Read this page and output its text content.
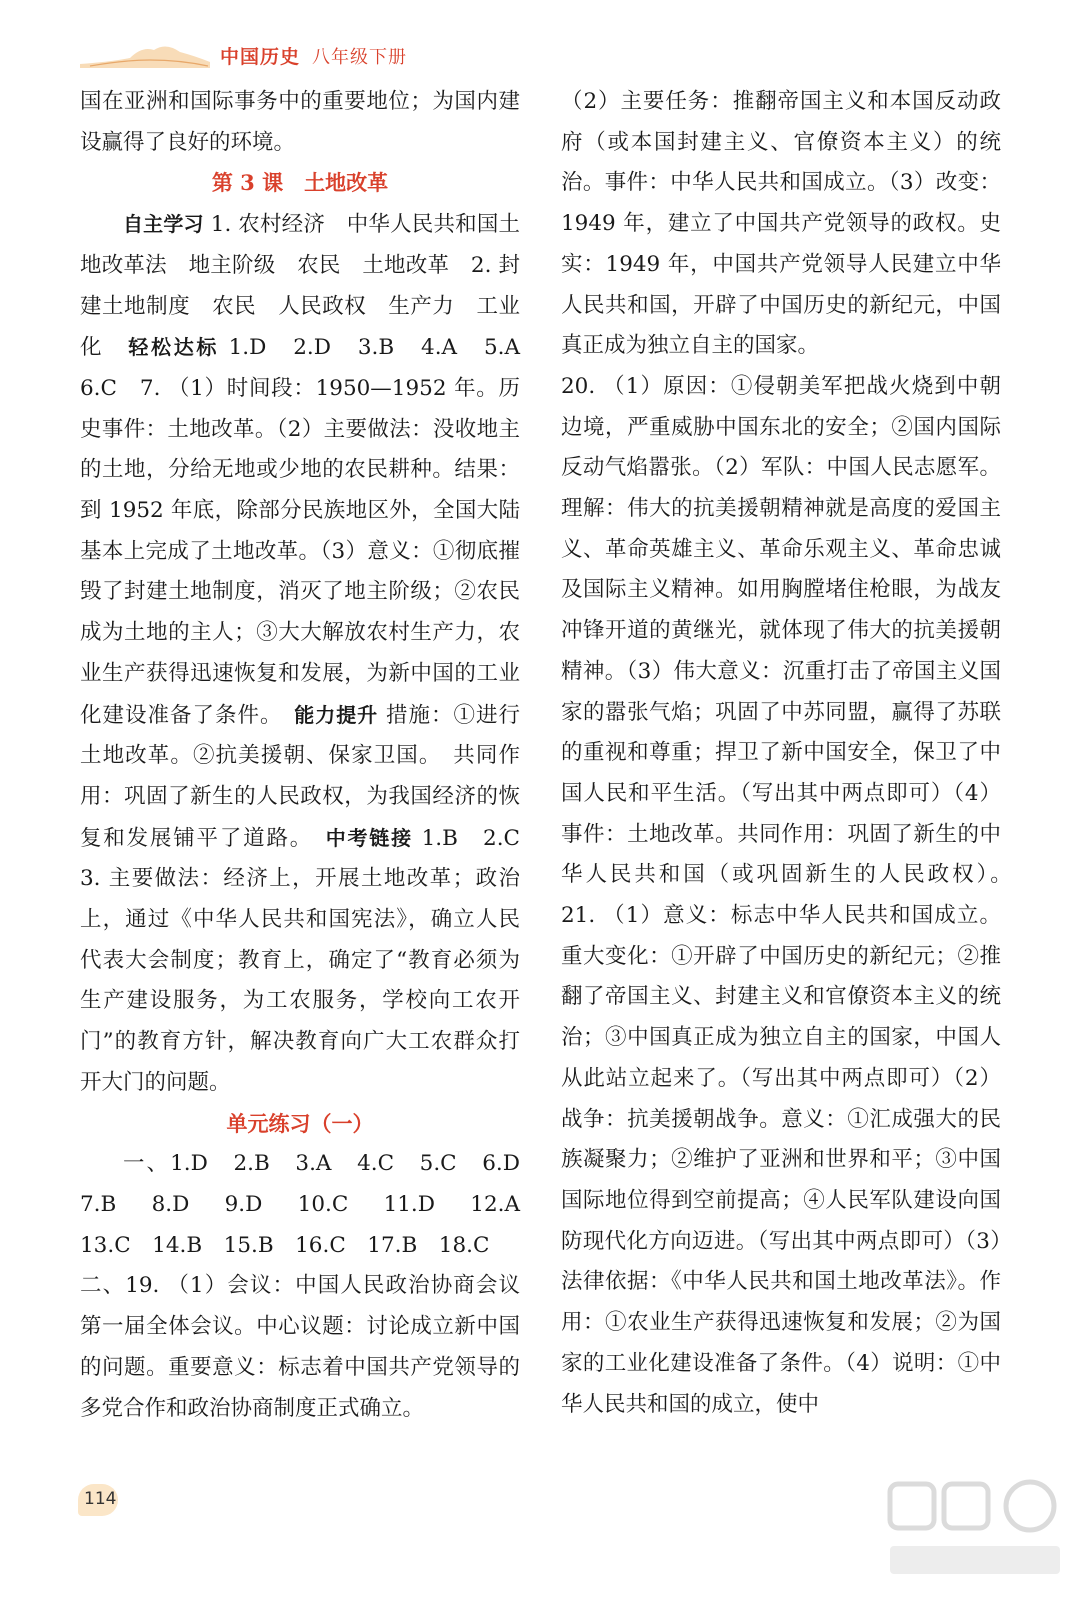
中国历史 八年级下册

国在亚洲和国际事务中的重要地位；为国内建设赢得了良好的环境。

第 3 课　土地改革

自主学习 1. 农村经济　中华人民共和国土地改革法　地主阶级　农民　土地改革　2. 封建土地制度　农民　人民政权　生产力　工业化　轻松达标 1.D　2.D　3.B　4.A　5.A　6.C　7. （1）时间段：1950—1952 年。历史事件：土地改革。（2）主要做法：没收地主的土地，分给无地或少地的农民耕种。结果：到 1952 年底，除部分民族地区外，全国大陆基本上完成了土地改革。（3）意义：①彻底摧毁了封建土地制度，消灭了地主阶级；②农民成为土地的主人；③大大解放农村生产力，农业生产获得迅速恢复和发展，为新中国的工业化建设准备了条件。　能力提升 措施：①进行土地改革。②抗美援朝、保家卫国。　共同作用：巩固了新生的人民政权，为我国经济的恢复和发展铺平了道路。　中考链接 1.B　2.C　3. 主要做法：经济上，开展土地改革；政治上，通过《中华人民共和国宪法》，确立人民代表大会制度；教育上，确定了“教育必须为生产建设服务，为工农服务，学校向工农开门”的教育方针，解决教育向广大工农群众打开大门的问题。

单元练习（一）

一、1.D　2.B　3.A　4.C　5.C　6.D　7.B　8.D　9.D　10.C　11.D　12.A　13.C　14.B　15.B　16.C　17.B　18.C

二、19. （1）会议：中国人民政治协商会议第一届全体会议。中心议题：讨论成立新中国的问题。重要意义：标志着中国共产党领导的多党合作和政治协商制度正式确立。

（2）主要任务：推翻帝国主义和本国反动政府（或本国封建主义、官僚资本主义）的统治。事件：中华人民共和国成立。（3）改变：1949 年，建立了中国共产党领导的政权。史实：1949 年，中国共产党领导人民建立中华人民共和国，开辟了中国历史的新纪元，中国真正成为独立自主的国家。

20. （1）原因：①侵朝美军把战火烧到中朝边境，严重威胁中国东北的安全；②国内国际反动气焰嚣张。（2）军队：中国人民志愿军。理解：伟大的抗美援朝精神就是高度的爱国主义、革命英雄主义、革命乐观主义、革命忠诚及国际主义精神。如用胸膛堵住枪眼，为战友冲锋开道的黄继光，就体现了伟大的抗美援朝精神。（3）伟大意义：沉重打击了帝国主义国家的嚣张气焰；巩固了中苏同盟，赢得了苏联的重视和尊重；捍卫了新中国安全，保卫了中国人民和平生活。（写出其中两点即可）（4）事件：土地改革。共同作用：巩固了新生的中华人民共和国（或巩固新生的人民政权）。　21. （1）意义：标志中华人民共和国成立。重大变化：①开辟了中国历史的新纪元；②推翻了帝国主义、封建主义和官僚资本主义的统治；③中国真正成为独立自主的国家，中国人从此站立起来了。（写出其中两点即可）（2）战争：抗美援朝战争。意义：①汇成强大的民族凝聚力；②维护了亚洲和世界和平；③中国国际地位得到空前提高；④人民军队建设向国防现代化方向迈进。（写出其中两点即可）（3）法律依据：《中华人民共和国土地改革法》。作用：①农业生产获得迅速恢复和发展；②为国家的工业化建设准备了条件。（4）说明：①中华人民共和国的成立，使中

114
